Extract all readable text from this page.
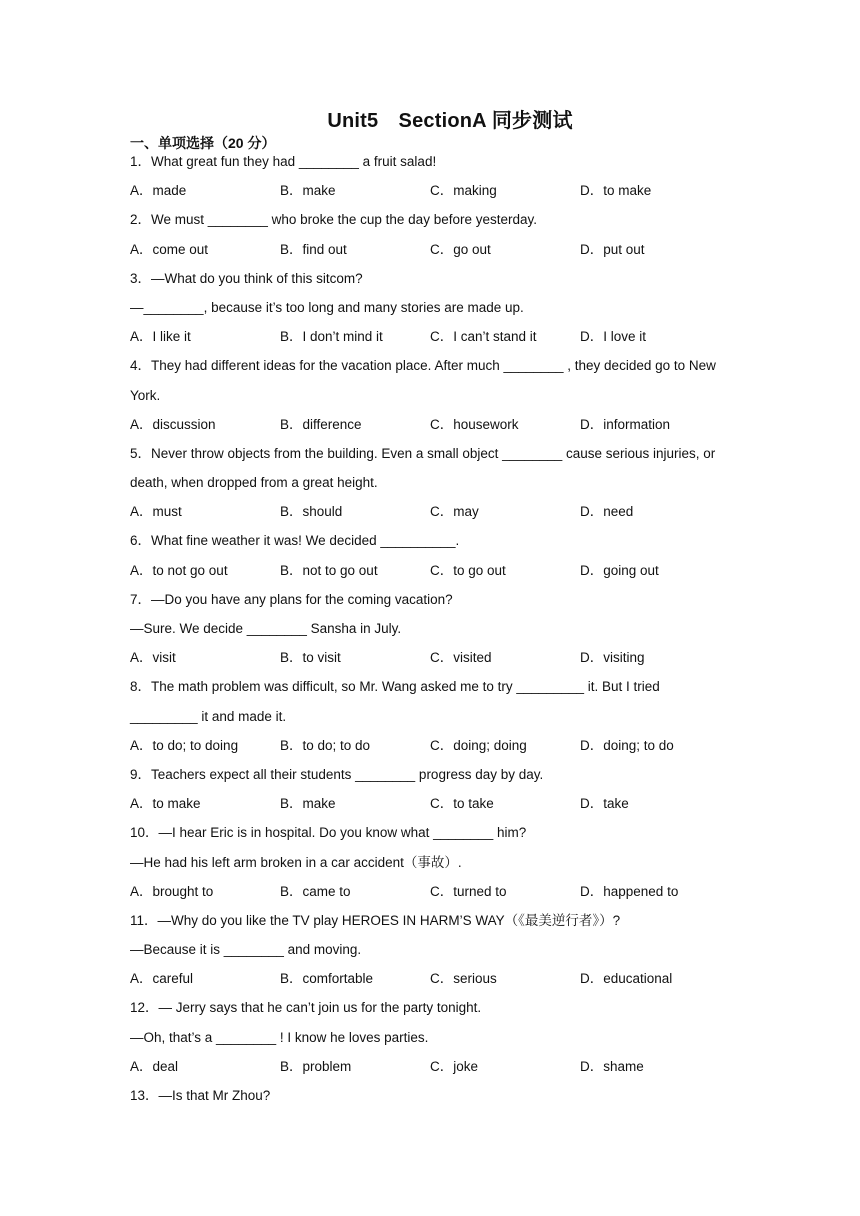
Unit5　SectionA 同步测试
一、单项选择（20 分）
1．What great fun they had ________ a fruit salad!
A．made	B．make	C．making	D．to make
2．We must ________ who broke the cup the day before yesterday.
A．come out	B．find out	C．go out	D．put out
3．—What do you think of this sitcom?
—________, because it’s too long and many stories are made up.
A．I like it	B．I don’t mind it	C．I can’t stand it	D．I love it
4．They had different ideas for the vacation place. After much ________ , they decided go to New
York.
A．discussion	B．difference	C．housework	D．information
5．Never throw objects from the building. Even a small object ________ cause serious injuries, or
death, when dropped from a great height.
A．must	B．should	C．may	D．need
6．What fine weather it was! We decided __________.
A．to not go out	B．not to go out	C．to go out	D．going out
7．—Do you have any plans for the coming vacation?
—Sure. We decide ________ Sansha in July.
A．visit	B．to visit	C．visited	D．visiting
8．The math problem was difficult, so Mr. Wang asked me to try _________ it. But I tried
_________ it and made it.
A．to do; to doing	B．to do; to do	C．doing; doing	D．doing; to do
9．Teachers expect all their students ________ progress day by day.
A．to make	B．make	C．to take	D．take
10．—I hear Eric is in hospital. Do you know what ________ him?
—He had his left arm broken in a car accident（事故）.
A．brought to	B．came to	C．turned to	D．happened to
11．—Why do you like the TV play HEROES IN HARM’S WAY（《最美逆行者》）?
—Because it is ________ and moving.
A．careful	B．comfortable	C．serious	D．educational
12．— Jerry says that he can’t join us for the party tonight.
—Oh, that’s a ________ ! I know he loves parties.
A．deal	B．problem	C．joke	D．shame
13．—Is that Mr Zhou?
